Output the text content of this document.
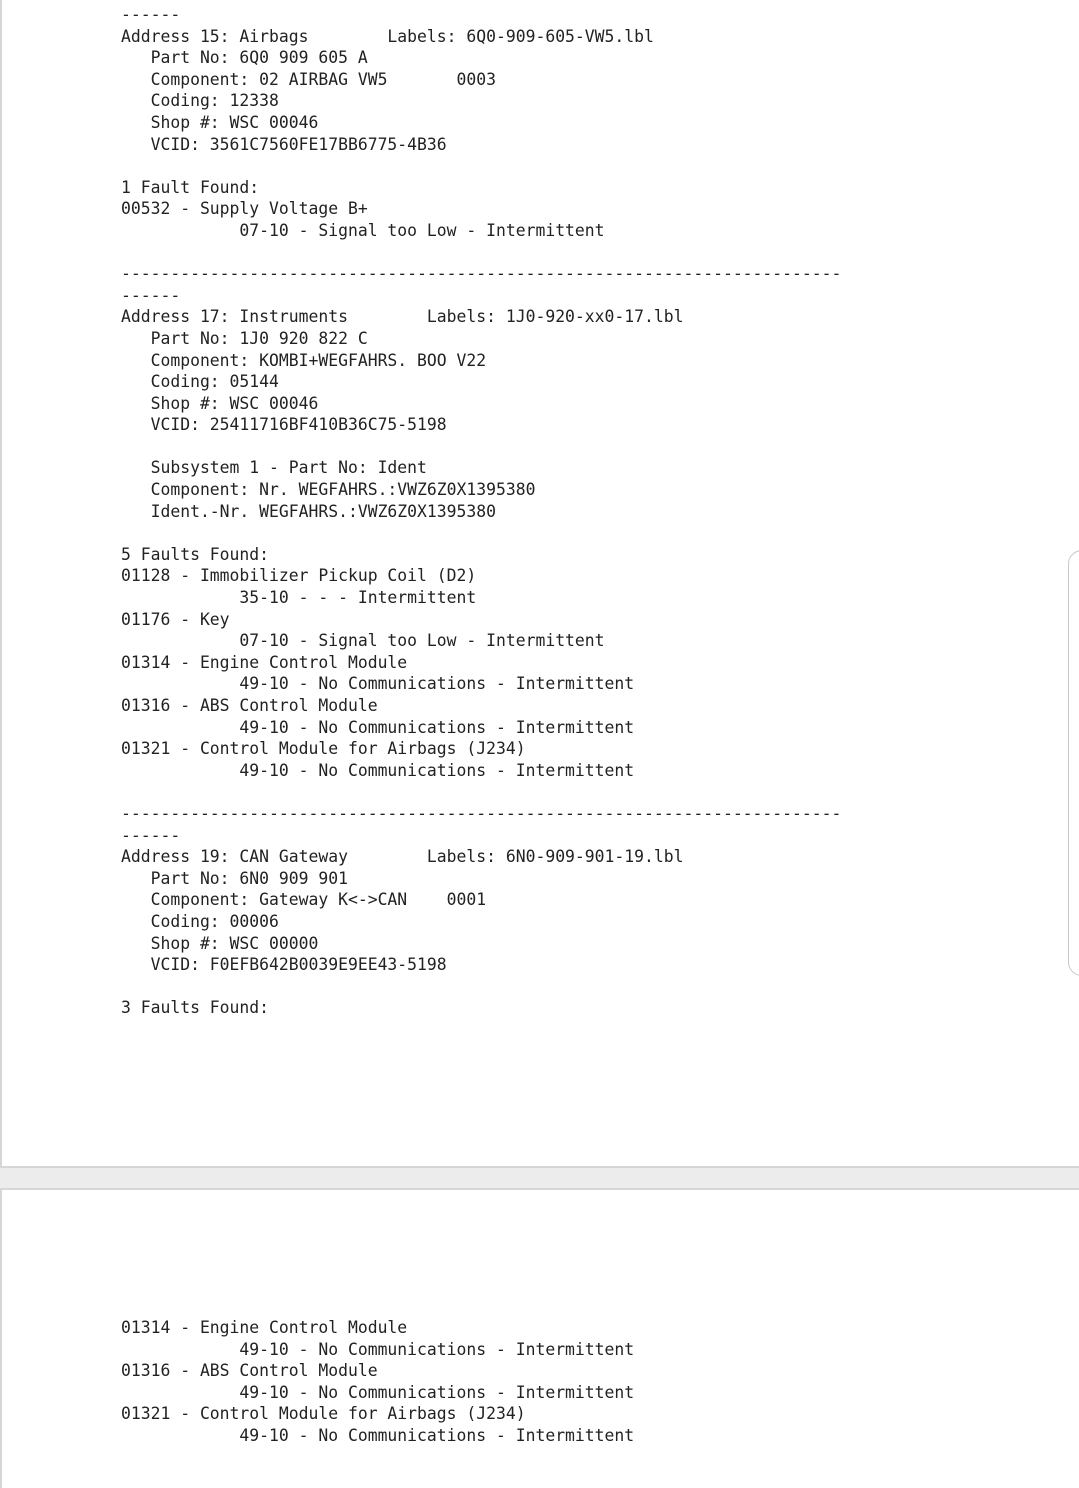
------
Address 15: Airbags        Labels: 6Q0-909-605-VW5.lbl
Part No: 6Q0 909 605 A
Component: 02 AIRBAG VW5       0003
Coding: 12338
Shop #: WSC 00046
VCID: 3561C7560FE17BB6775-4B36
1 Fault Found:
00532 - Supply Voltage B+
07-10 - Signal too Low - Intermittent
-------------------------------------------------------------------------
------
Address 17: Instruments        Labels: 1J0-920-xx0-17.lbl
Part No: 1J0 920 822 C
Component: KOMBI+WEGFAHRS. BOO V22
Coding: 05144
Shop #: WSC 00046
VCID: 25411716BF410B36C75-5198
Subsystem 1 - Part No: Ident
Component: Nr. WEGFAHRS.:VWZ6Z0X1395380
Ident.-Nr. WEGFAHRS.:VWZ6Z0X1395380
5 Faults Found:
01128 - Immobilizer Pickup Coil (D2)
35-10 - - - Intermittent
01176 - Key
07-10 - Signal too Low - Intermittent
01314 - Engine Control Module
49-10 - No Communications - Intermittent
01316 - ABS Control Module
49-10 - No Communications - Intermittent
01321 - Control Module for Airbags (J234)
49-10 - No Communications - Intermittent
-------------------------------------------------------------------------
------
Address 19: CAN Gateway        Labels: 6N0-909-901-19.lbl
Part No: 6N0 909 901
Component: Gateway K<->CAN    0001
Coding: 00006
Shop #: WSC 00000
VCID: F0EFB642B0039E9EE43-5198
3 Faults Found:
01314 - Engine Control Module
49-10 - No Communications - Intermittent
01316 - ABS Control Module
49-10 - No Communications - Intermittent
01321 - Control Module for Airbags (J234)
49-10 - No Communications - Intermittent
